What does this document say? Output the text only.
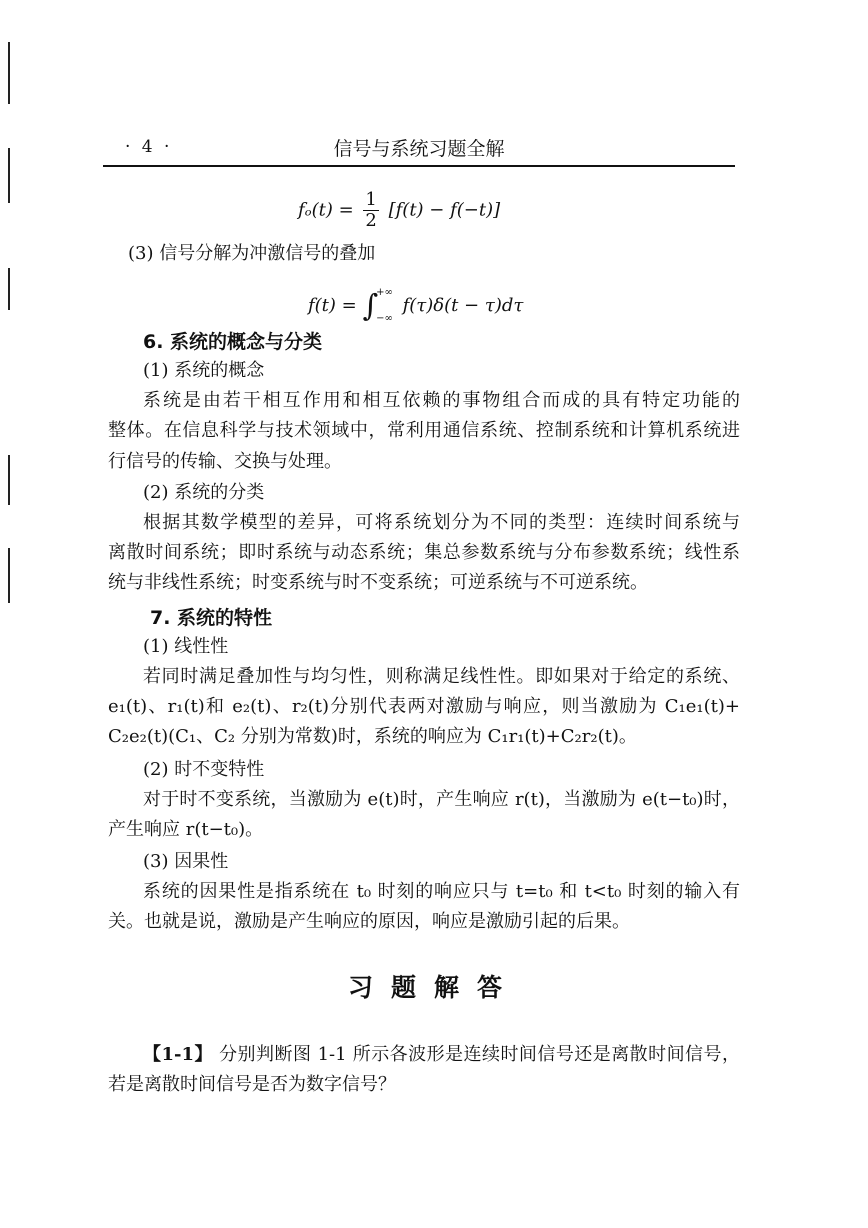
· 4 ·	信号与系统习题全解
$f_o(t) = \frac{1}{2} [f(t) - f(-t)]$
(3) 信号分解为冲激信号的叠加
f(t) = ∫
+∞
−∞
f(τ)δ(t − τ)dτ
6. 系统的概念与分类
(1) 系统的概念
系统是由若干相互作用和相互依赖的事物组合而成的具有特定功能的
整体。在信息科学与技术领域中，常利用通信系统、控制系统和计算机系统进
行信号的传输、交换与处理。
(2) 系统的分类
根据其数学模型的差异，可将系统划分为不同的类型：连续时间系统与
离散时间系统；即时系统与动态系统；集总参数系统与分布参数系统；线性系
统与非线性系统；时变系统与时不变系统；可逆系统与不可逆系统。
7. 系统的特性
(1) 线性性
若同时满足叠加性与均匀性，则称满足线性性。即如果对于给定的系统、
e₁(t)、r₁(t)和 e₂(t)、r₂(t)分别代表两对激励与响应，则当激励为 C₁e₁(t)+
C₂e₂(t)(C₁、C₂ 分别为常数)时，系统的响应为 C₁r₁(t)+C₂r₂(t)。
(2) 时不变特性
对于时不变系统，当激励为 e(t)时，产生响应 r(t)，当激励为 e(t−t₀)时，
产生响应 r(t−t₀)。
(3) 因果性
系统的因果性是指系统在 t₀ 时刻的响应只与 t=t₀ 和 t<t₀ 时刻的输入有
关。也就是说，激励是产生响应的原因，响应是激励引起的后果。
习题解答
【1-1】 分别判断图 1-1 所示各波形是连续时间信号还是离散时间信号，
若是离散时间信号是否为数字信号？
